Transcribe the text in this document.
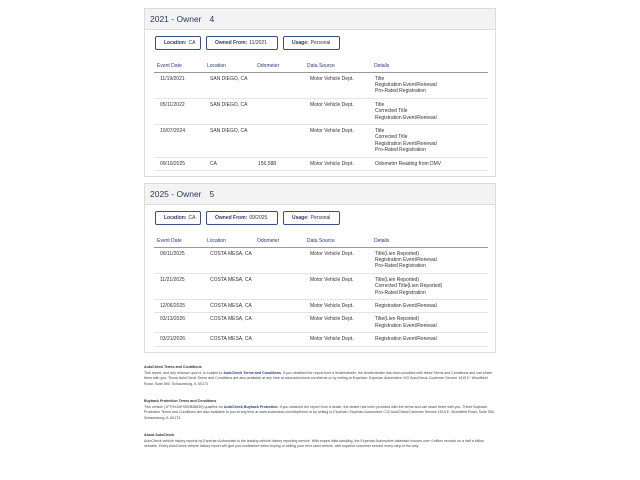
2021 - Owner 4
Location: CA	Owned From: 11/2021	Usage: Personal
Event Date	Location	Odometer	Data Source	Details
11/19/2021	SAN DIEGO, CA		Motor Vehicle Dept.	Title
Registration Event/Renewal
Pro-Rated Registration

05/11/2022	SAN DIEGO, CA		Motor Vehicle Dept.	Title
Corrected Title
Registration Event/Renewal

10/07/2024	SAN DIEGO, CA		Motor Vehicle Dept.	Title
Corrected Title
Registration Event/Renewal
Pro-Rated Registration

09/10/2025	CA	156,588	Motor Vehicle Dept.	Odometer Reading from DMV
2025 - Owner 5
Location: CA	Owned From: 09/2025	Usage: Personal
Event Date	Location	Odometer	Data Source	Details
09/11/2025	COSTA MESA, CA		Motor Vehicle Dept.	Title(Lien Reported)
Registration Event/Renewal
Pro-Rated Registration

11/21/2025	COSTA MESA, CA		Motor Vehicle Dept.	Title(Lien Reported)
Corrected Title(Lien Reported)
Pro-Rated Registration

12/06/2025	COSTA MESA, CA		Motor Vehicle Dept.	Registration Event/Renewal

03/13/2026	COSTA MESA, CA		Motor Vehicle Dept.	Title(Lien Reported)
Registration Event/Renewal

03/21/2026	COSTA MESA, CA		Motor Vehicle Dept.	Registration Event/Renewal
AutoCheck Terms and Conditions
This report, and any reliance upon it, is subject to AutoCheck Terms and Conditions. If you obtained the report from a lender/dealer, the lender/dealer has been provided with these Terms and Conditions and can share them with you. These AutoCheck Terms and Conditions are also available at any time at www.autocheck.com/terms or by writing to Experian: Experian Automotive C/O AutoCheck Customer Service 1515 E. Woodfield Road, Suite 550, Schaumburg, IL 60173
Buyback Protection Terms and Conditions
This vehicle (1FTHX26F9GKB88639) qualifies for AutoCheck Buyback Protection. If you obtained the report from a dealer, the dealer has been provided with the terms and can share them with you. These Buyback Protection Terms and Conditions are also available to you at any time at www.autocheck.com/bbpterms or by writing to Experian: Experian Automotive C/O AutoCheckCustomer Service 1515 E. Woodfield Road, Suite 550, Schaumburg, IL 60173.
About AutoCheck
AutoCheck vehicle history reports by Experian Automotive is the leading vehicle history reporting service. With expert data handling, the Experian Automotive database houses over 4 billion records on a half a billion vehicles. Every AutoCheck vehicle history report will give you confidence when buying or selling your next used vehicle, with superior customer service every step of the way.
